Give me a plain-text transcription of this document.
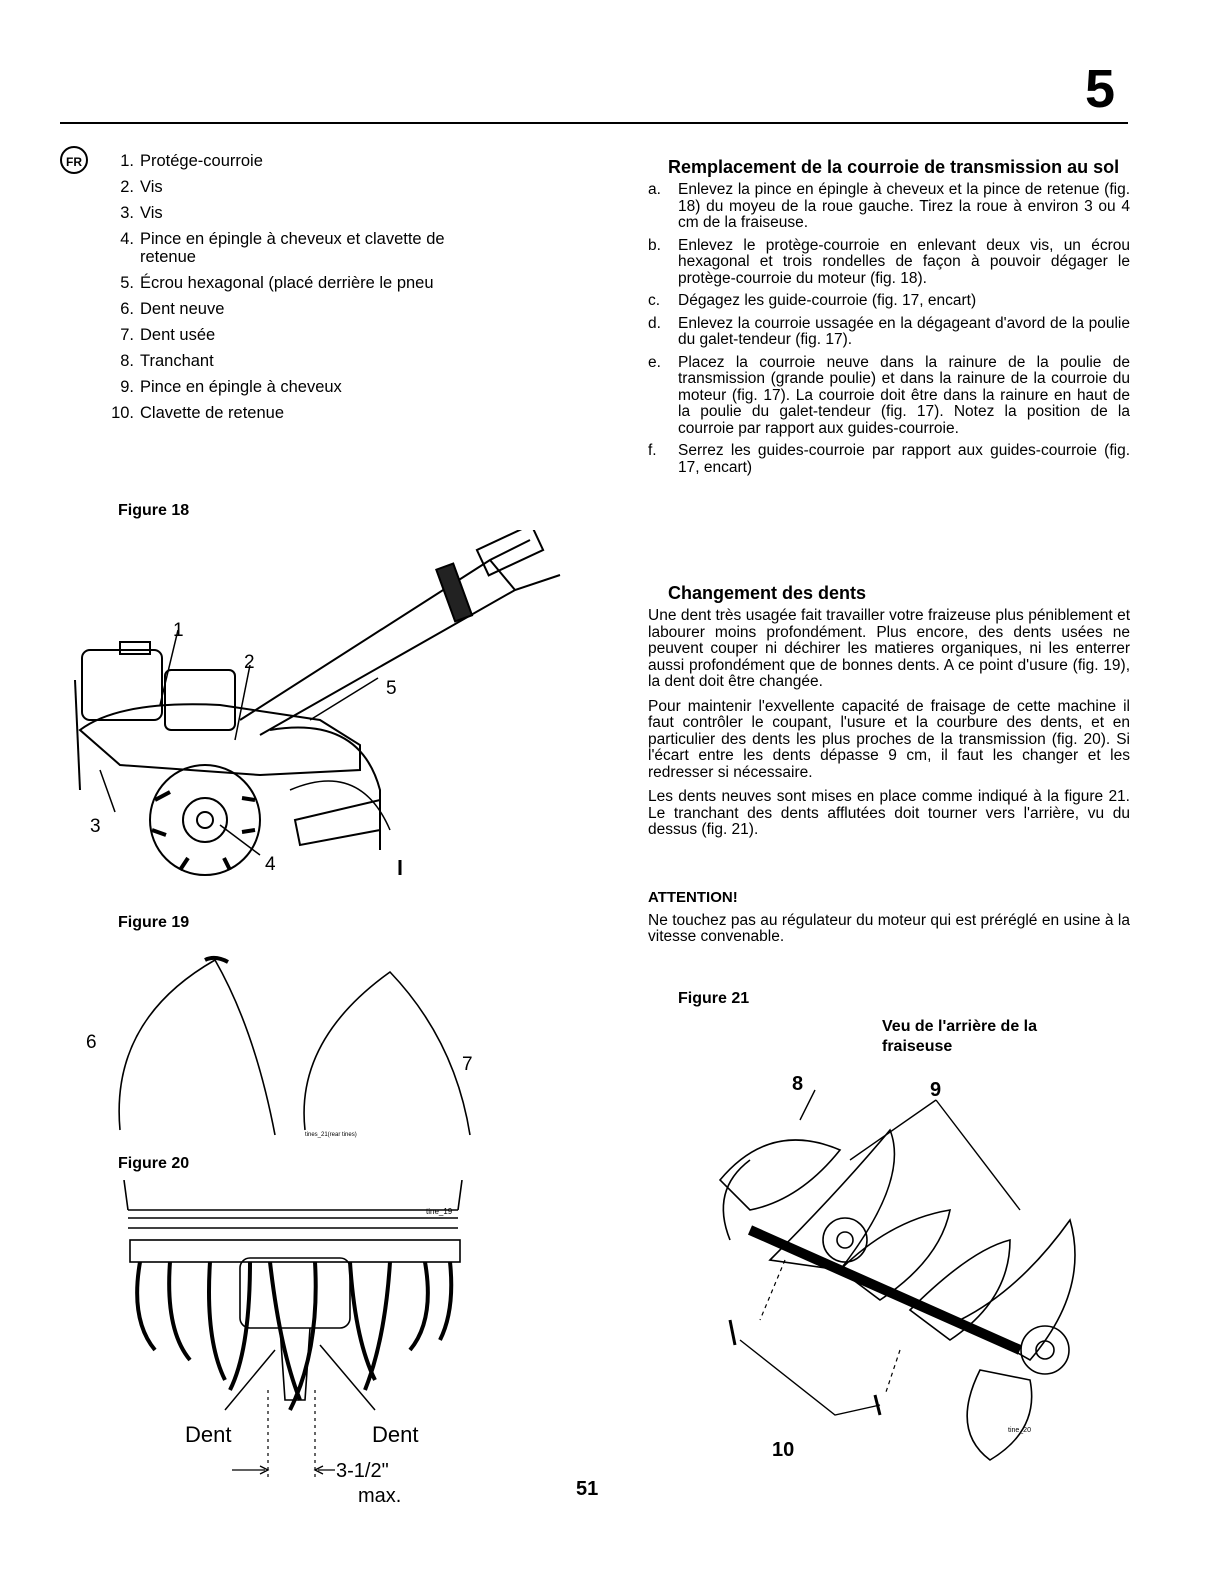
5
FR	1. Protége-courroie
2. Vis
3. Vis
4. Pince en épingle à cheveux et clavette de retenue
5. Écrou hexagonal (placé derrière le pneu
6. Dent neuve
7. Dent usée
8. Tranchant
9. Pince en épingle à cheveux
10. Clavette de retenue
Figure 18
1
2
3
4
5
Figure 19
6
7
tines_21(rear tines)
Figure 20
tine_19
Dent	Dent
3-1/2"
max.
Remplacement de la courroie de transmission au sol
a.	Enlevez la pince en épingle à cheveux et la pince de retenue (fig. 18) du moyeu de la roue gauche. Tirez la roue à environ 3 ou 4 cm de la fraiseuse.
b.	Enlevez le protège-courroie en enlevant deux vis, un écrou hexagonal et trois rondelles de façon à pouvoir dégager le protège-courroie du moteur (fig. 18).
c.	Dégagez les guide-courroie (fig. 17, encart)
d.	Enlevez la courroie ussagée en la dégageant d'avord de la poulie du galet-tendeur (fig. 17).
e.	Placez la courroie neuve dans la rainure de la poulie de transmission (grande poulie) et dans la rainure de la courroie du moteur (fig. 17). La courroie doit être dans la rainure en haut de la poulie du galet-tendeur (fig. 17). Notez la position de la courroie par rapport aux guides-courroie.
f.	Serrez les guides-courroie par rapport aux guides-courroie (fig. 17, encart)
Changement des dents

Une dent très usagée fait travailler votre fraizeuse plus péniblement et labourer moins profondément. Plus encore, des dents usées ne peuvent couper ni déchirer les matieres organiques, ni les enterrer aussi profondément que de bonnes dents. A ce point d'usure (fig. 19), la dent doit être changée.

Pour maintenir l'exvellente capacité de fraisage de cette machine il faut contrôler le coupant, l'usure et la courbure des dents, et en particulier des dents les plus proches de la transmission (fig. 20). Si l'écart entre les dents dépasse 9 cm, il faut les changer et les redresser si nécessaire.

Les dents neuves sont mises en place comme indiqué à la figure 21. Le tranchant des dents afflutées doit tourner vers l'arrière, vu du dessus (fig. 21).

ATTENTION!

Ne touchez pas au régulateur du moteur qui est préréglé en usine à la vitesse convenable.

Figure 21
Veu de l'arrière de la fraiseuse
8	9
10
tine_20
51
